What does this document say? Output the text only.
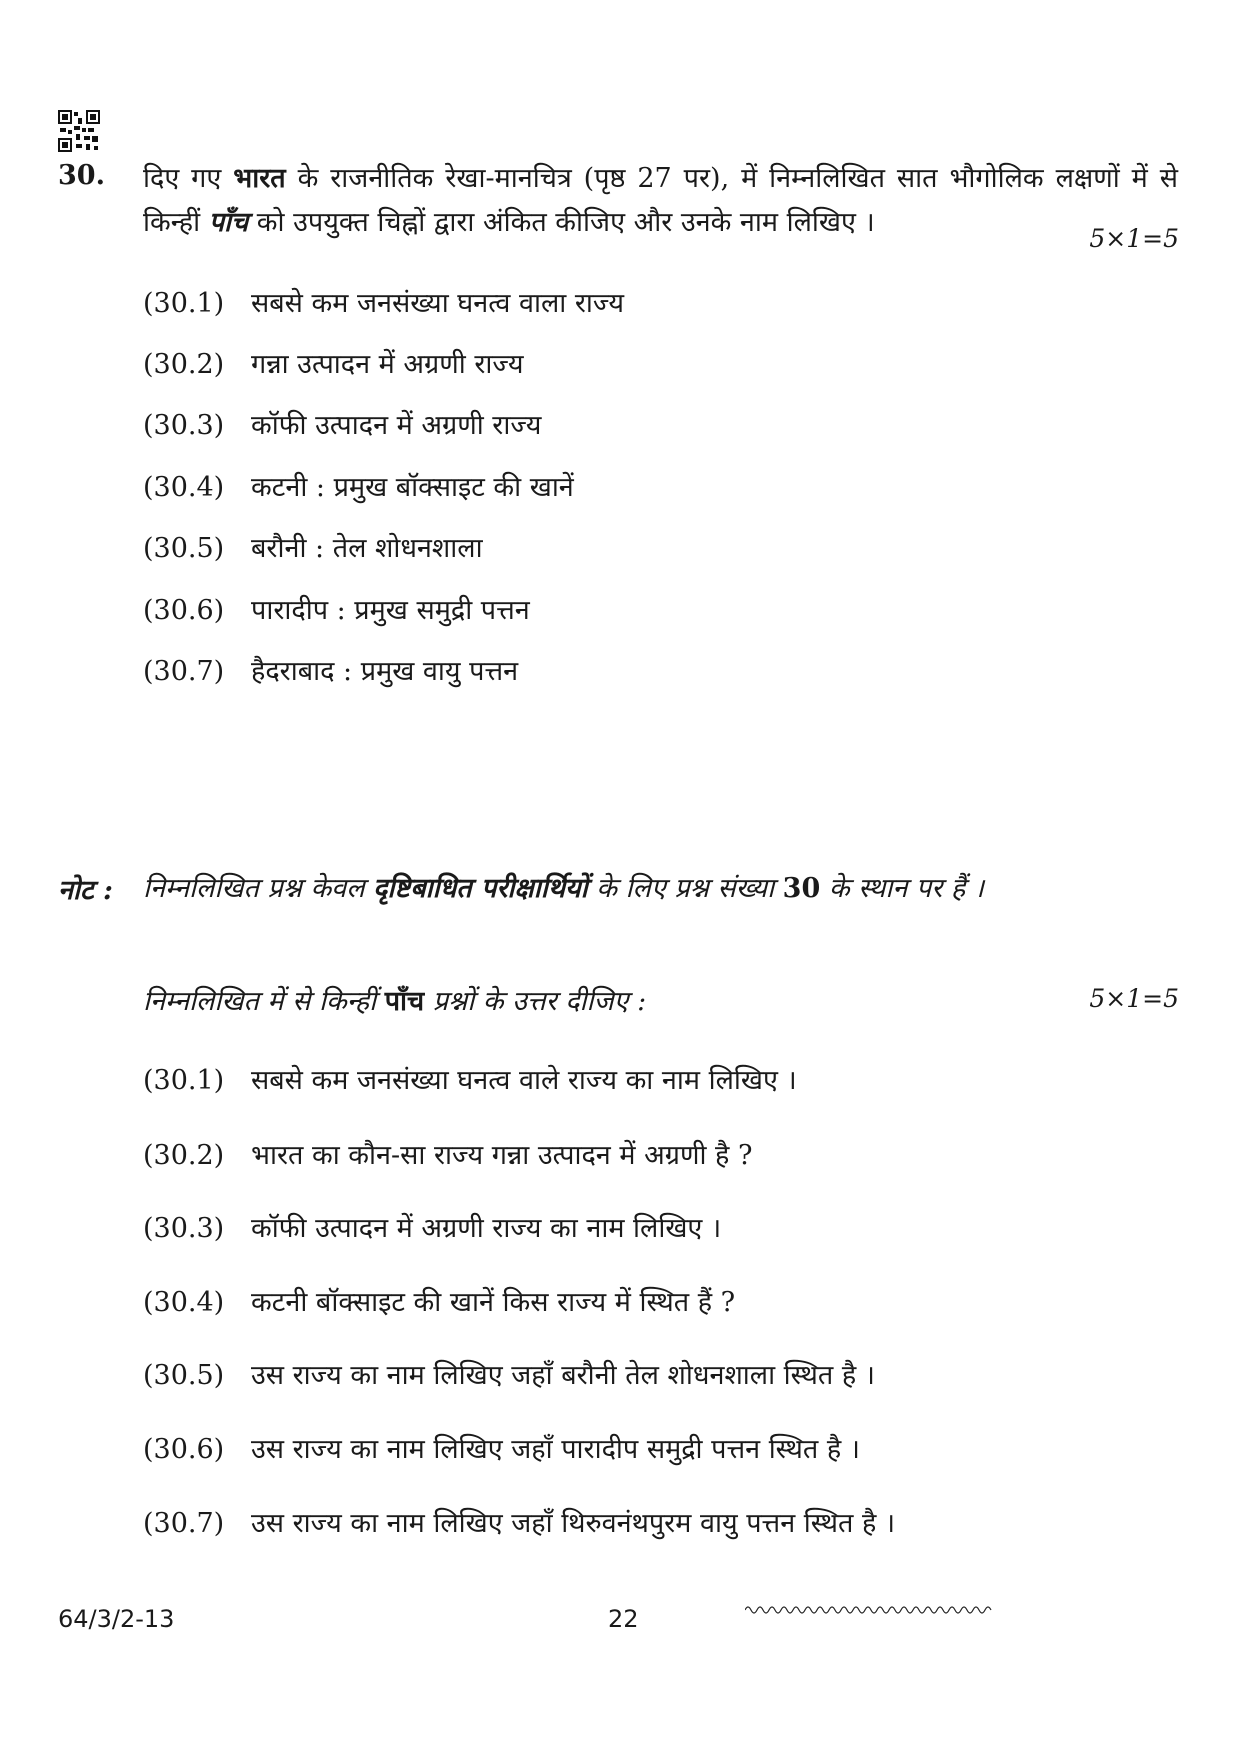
30. दिए गए भारत के राजनीतिक रेखा-मानचित्र (पृष्ठ 27 पर), में निम्नलिखित सात भौगोलिक लक्षणों में से किन्हीं पाँच को उपयुक्त चिह्नों द्वारा अंकित कीजिए और उनके नाम लिखिए ।
5×1=5
(30.1) सबसे कम जनसंख्या घनत्व वाला राज्य
(30.2) गन्ना उत्पादन में अग्रणी राज्य
(30.3) कॉफी उत्पादन में अग्रणी राज्य
(30.4) कटनी : प्रमुख बॉक्साइट की खानें
(30.5) बरौनी : तेल शोधनशाला
(30.6) पारादीप : प्रमुख समुद्री पत्तन
(30.7) हैदराबाद : प्रमुख वायु पत्तन
नोट : निम्नलिखित प्रश्न केवल दृष्टिबाधित परीक्षार्थियों के लिए प्रश्न संख्या 30 के स्थान पर हैं ।
निम्नलिखित में से किन्हीं पाँच प्रश्नों के उत्तर दीजिए :	5×1=5
(30.1) सबसे कम जनसंख्या घनत्व वाले राज्य का नाम लिखिए ।
(30.2) भारत का कौन-सा राज्य गन्ना उत्पादन में अग्रणी है ?
(30.3) कॉफी उत्पादन में अग्रणी राज्य का नाम लिखिए ।
(30.4) कटनी बॉक्साइट की खानें किस राज्य में स्थित हैं ?
(30.5) उस राज्य का नाम लिखिए जहाँ बरौनी तेल शोधनशाला स्थित है ।
(30.6) उस राज्य का नाम लिखिए जहाँ पारादीप समुद्री पत्तन स्थित है ।
(30.7) उस राज्य का नाम लिखिए जहाँ थिरुवनंथपुरम वायु पत्तन स्थित है ।
64/3/2-13	22
